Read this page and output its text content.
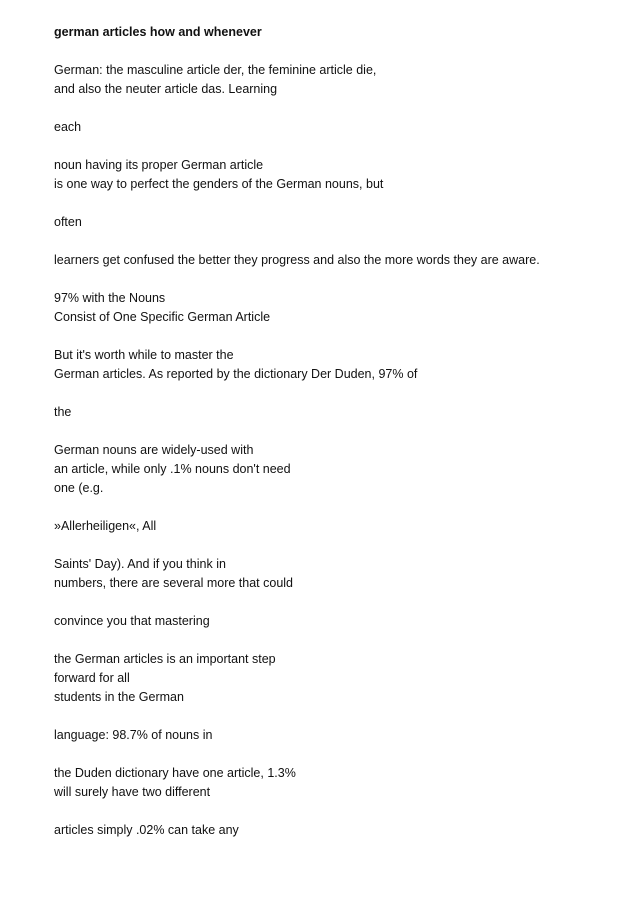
german articles how and whenever
German: the masculine article der, the feminine article die,
and also the neuter article das. Learning
each
noun having its proper German article
is one way to perfect the genders of the German nouns, but
often
learners get confused the better they progress and also the more words they are aware.
97% with the Nouns
Consist of One Specific German Article
But it's worth while to master the
German articles. As reported by the dictionary Der Duden, 97% of
the
German nouns are widely-used with
an article, while only .1% nouns don't need
one (e.g.
»Allerheiligen«, All
Saints' Day). And if you think in
numbers, there are several more that could
convince you that mastering
the German articles is an important step
forward for all
students in the German
language: 98.7% of nouns in
the Duden dictionary have one article, 1.3%
will surely have two different
articles simply .02% can take any
